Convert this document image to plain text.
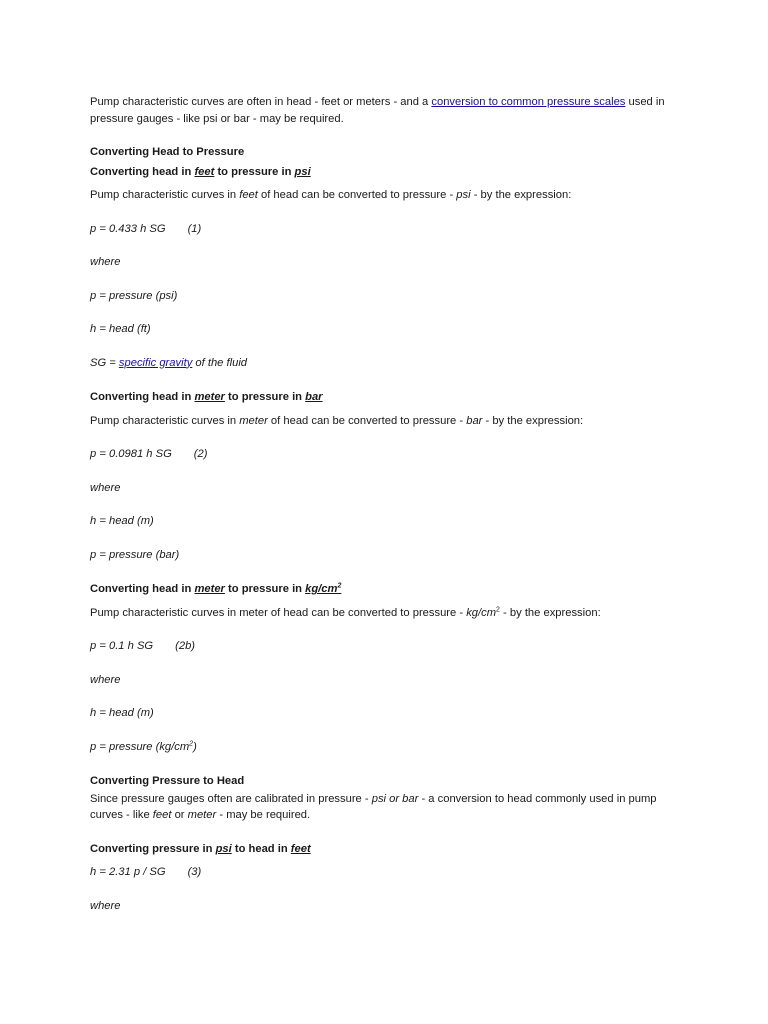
Pump characteristic curves are often in head - feet or meters - and a conversion to common pressure scales used in pressure gauges - like psi or bar - may be required.

Converting Head to Pressure

Converting head in feet to pressure in psi

Pump characteristic curves in feet of head can be converted to pressure - psi - by the expression:

p = 0.433 h SG (1)

where

p = pressure (psi)

h = head (ft)

SG = specific gravity of the fluid

Converting head in meter to pressure in bar

Pump characteristic curves in meter of head can be converted to pressure - bar - by the expression:

p = 0.0981 h SG (2)

where

h = head (m)

p = pressure (bar)

Converting head in meter to pressure in $kg/cm^2$

Pump characteristic curves in meter of head can be converted to pressure - $kg/cm^2$ - by the expression:

p = 0.1 h SG (2b)

where

h = head (m)

p = pressure $(kg/cm^2)$

Converting Pressure to Head

Since pressure gauges often are calibrated in pressure - psi or bar - a conversion to head commonly used in pump curves - like feet or meter - may be required.

Converting pressure in psi to head in feet

h = 2.31 p / SG (3)

where
